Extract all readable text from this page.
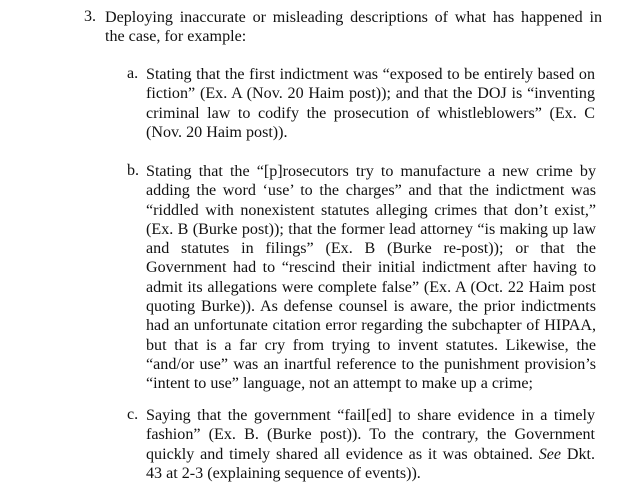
3. Deploying inaccurate or misleading descriptions of what has happened in
the case, for example:
a. Stating that the first indictment was “exposed to be entirely based on
fiction” (Ex. A (Nov. 20 Haim post)); and that the DOJ is “inventing
criminal law to codify the prosecution of whistleblowers” (Ex. C
(Nov. 20 Haim post)).
b. Stating that the “[p]rosecutors try to manufacture a new crime by
adding the word ‘use’ to the charges” and that the indictment was
“riddled with nonexistent statutes alleging crimes that don’t exist,”
(Ex. B (Burke post)); that the former lead attorney “is making up law
and statutes in filings” (Ex. B (Burke re-post)); or that the
Government had to “rescind their initial indictment after having to
admit its allegations were complete false” (Ex. A (Oct. 22 Haim post
quoting Burke)). As defense counsel is aware, the prior indictments
had an unfortunate citation error regarding the subchapter of HIPAA,
but that is a far cry from trying to invent statutes. Likewise, the
“and/or use” was an inartful reference to the punishment provision’s
“intent to use” language, not an attempt to make up a crime;
c. Saying that the government “fail[ed] to share evidence in a timely
fashion” (Ex. B. (Burke post)). To the contrary, the Government
quickly and timely shared all evidence as it was obtained. See Dkt.
43 at 2-3 (explaining sequence of events)).
